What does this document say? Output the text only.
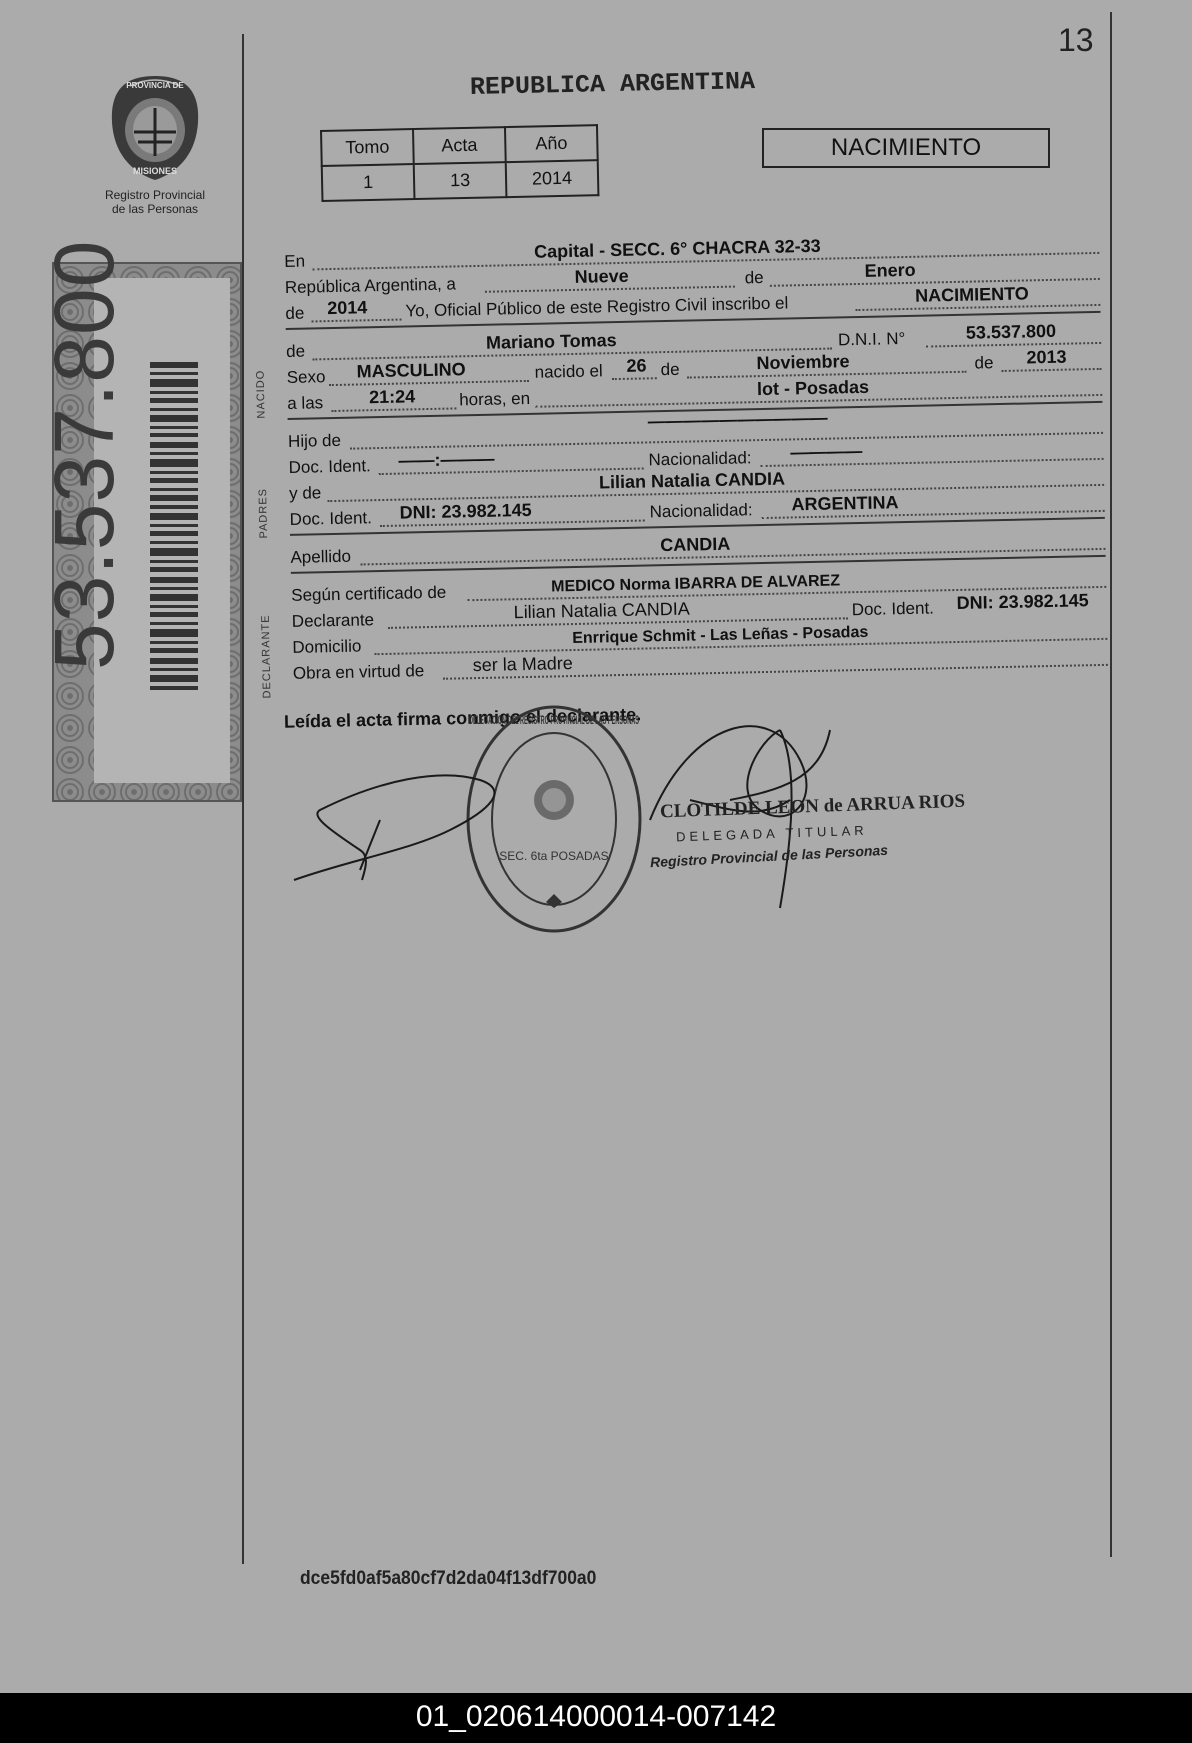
13
PROVINCIA DE
MISIONES
Registro Provincial
de las Personas
53.537.800
REPUBLICA ARGENTINA
Tomo	Acta	Año
1	13	2014
NACIMIENTO
En	Capital - SECC. 6° CHACRA 32-33
República Argentina, a	Nueve	de	Enero
de 2014 Yo, Oficial Público de este Registro Civil inscribo el	NACIMIENTO
NACIDO
de	Mariano Tomas	D.N.I. N°	53.537.800
Sexo MASCULINO	nacido el 26 de	Noviembre	de 2013
a las	21:24	horas, en	lot - Posadas
PADRES
Hijo de
——————————
Doc. Ident. ——:———	Nacionalidad: ————
y de
Lilian Natalia CANDIA
Doc. Ident. DNI: 23.982.145	Nacionalidad: ARGENTINA
Apellido
CANDIA
DECLARANTE
Según certificado de	MEDICO Norma IBARRA DE ALVAREZ
Declarante	Lilian Natalia CANDIA	Doc. Ident. DNI: 23.982.145
Domicilio	Enrrique Schmit - Las Leñas - Posadas
Obra en virtud de	ser la Madre
Leída el acta firma conmigo el declarante.
DELEGACION DEL REGISTRO PROVINCIAL DE LAS PERSONAS
SEC. 6ta POSADAS
CLOTILDE LEON de ARRUA RIOS
DELEGADA TITULAR
Registro Provincial de las Personas
dce5fd0af5a80cf7d2da04f13df700a0
01_020614000014-007142
